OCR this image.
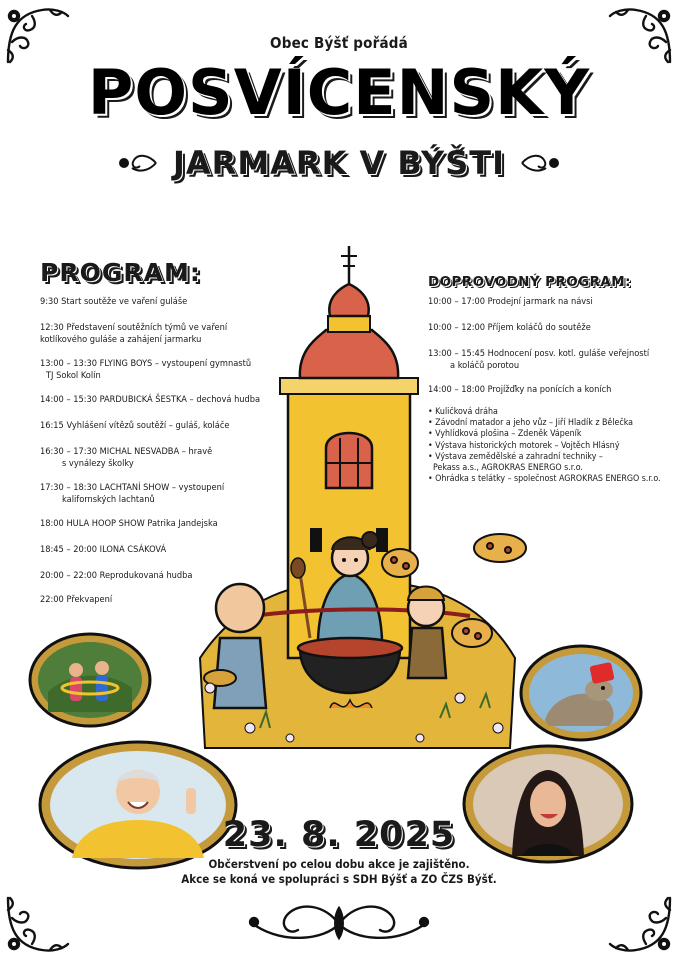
Obec Býšť pořádá
POSVÍCENSKÝ
JARMARK V BÝŠTI
PROGRAM:
9:30 Start soutěže ve vaření guláše
12:30 Představení soutěžních týmů ve vaření
kotlíkového guláše a zahájení jarmarku
13:00 – 13:30 FLYING BOYS – vystoupení gymnastů
TJ Sokol Kolín
14:00 – 15:30 PARDUBICKÁ ŠESTKA – dechová hudba
16:15 Vyhlášení vítězů soutěží – guláš, koláče
16:30 – 17:30 MICHAL NESVADBA – hravě
s vynálezy školky
17:30 – 18:30 LACHTANÍ SHOW – vystoupení
kalifornských lachtanů
18:00 HULA HOOP SHOW Patrika Jandejska
18:45 – 20:00 ILONA CSÁKOVÁ
20:00 – 22:00 Reprodukovaná hudba
22:00 Překvapení
DOPROVODNÝ PROGRAM:
10:00 – 17:00 Prodejní jarmark na návsi
10:00 – 12:00 Příjem koláčů do soutěže
13:00 – 15:45 Hodnocení posv. kotl. guláše veřejností
a koláčů porotou
14:00 – 18:00 Projížďky na ponících a koních
• Kuličková dráha
• Závodní matador a jeho vůz – Jiří Hladík z Bělečka
• Vyhlídková plošina – Zdeněk Vápeník
• Výstava historických motorek – Vojtěch Hlásný
• Výstava zemědělské a zahradní techniky –
Pekass a.s., AGROKRAS ENERGO s.r.o.
• Ohrádka s telátky – společnost AGROKRAS ENERGO s.r.o.
23. 8. 2025
Občerstvení po celou dobu akce je zajištěno.
Akce se koná ve spolupráci s SDH Býšť a ZO ČZS Býšť.
